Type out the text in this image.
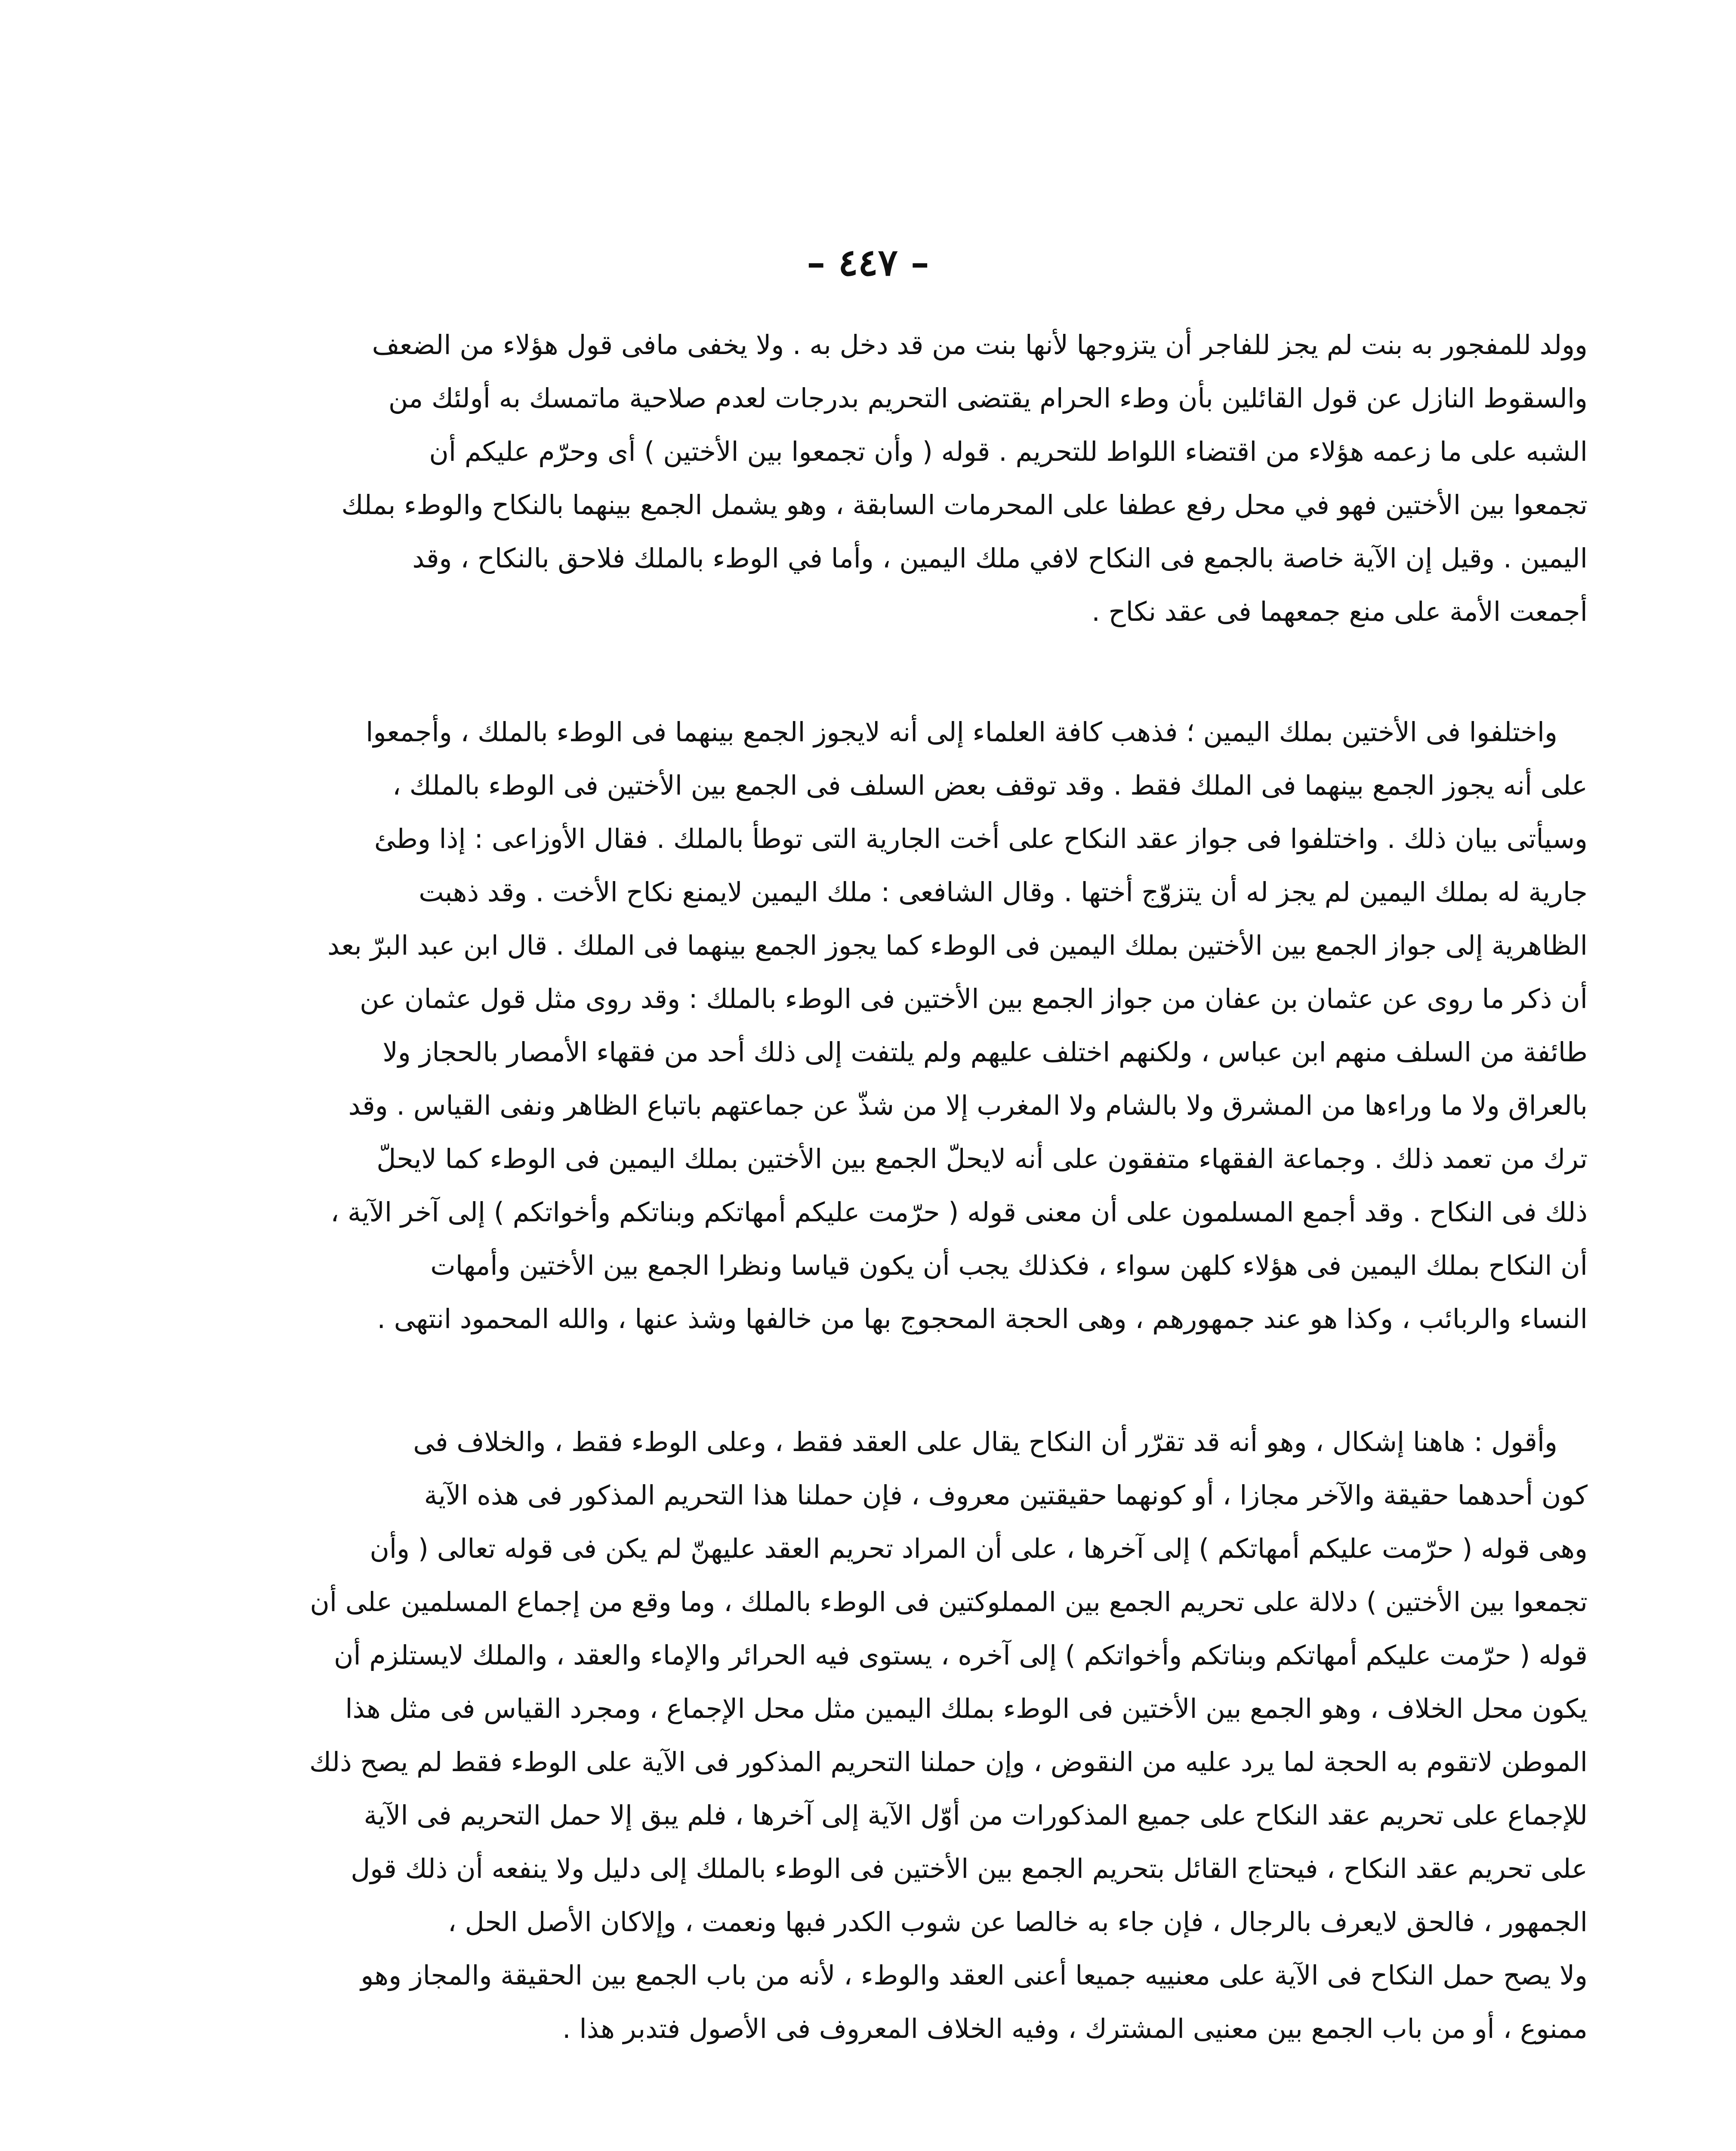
– ٤٤٧ –

وولد للمفجور به بنت لم يجز للفاجر أن يتزوجها لأنها بنت من قد دخل به . ولا يخفى مافى قول هؤلاء من الضعف

والسقوط النازل عن قول القائلين بأن وطء الحرام يقتضى التحريم بدرجات لعدم صلاحية ماتمسك به أولئك من

الشبه على ما زعمه هؤلاء من اقتضاء اللواط للتحريم . قوله ( وأن تجمعوا بين الأختين ) أى وحرّم عليكم أن

تجمعوا بين الأختين فهو في محل رفع عطفا على المحرمات السابقة ، وهو يشمل الجمع بينهما بالنكاح والوطء بملك

اليمين . وقيل إن الآية خاصة بالجمع فى النكاح لافي ملك اليمين ، وأما في الوطء بالملك فلاحق بالنكاح ، وقد

أجمعت الأمة على منع جمعهما فى عقد نكاح .

واختلفوا فى الأختين بملك اليمين ؛ فذهب كافة العلماء إلى أنه لايجوز الجمع بينهما فى الوطء بالملك ، وأجمعوا

على أنه يجوز الجمع بينهما فى الملك فقط . وقد توقف بعض السلف فى الجمع بين الأختين فى الوطء بالملك ،

وسيأتى بيان ذلك . واختلفوا فى جواز عقد النكاح على أخت الجارية التى توطأ بالملك . فقال الأوزاعى : إذا وطئ

جارية له بملك اليمين لم يجز له أن يتزوّج أختها . وقال الشافعى : ملك اليمين لايمنع نكاح الأخت . وقد ذهبت

الظاهرية إلى جواز الجمع بين الأختين بملك اليمين فى الوطء كما يجوز الجمع بينهما فى الملك . قال ابن عبد البرّ بعد

أن ذكر ما روى عن عثمان بن عفان من جواز الجمع بين الأختين فى الوطء بالملك : وقد روى مثل قول عثمان عن

طائفة من السلف منهم ابن عباس ، ولكنهم اختلف عليهم ولم يلتفت إلى ذلك أحد من فقهاء الأمصار بالحجاز ولا

بالعراق ولا ما وراءها من المشرق ولا بالشام ولا المغرب إلا من شذّ عن جماعتهم باتباع الظاهر ونفى القياس . وقد

ترك من تعمد ذلك . وجماعة الفقهاء متفقون على أنه لايحلّ الجمع بين الأختين بملك اليمين فى الوطء كما لايحلّ

ذلك فى النكاح . وقد أجمع المسلمون على أن معنى قوله ( حرّمت عليكم أمهاتكم وبناتكم وأخواتكم ) إلى آخر الآية ،

أن النكاح بملك اليمين فى هؤلاء كلهن سواء ، فكذلك يجب أن يكون قياسا ونظرا الجمع بين الأختين وأمهات

النساء والربائب ، وكذا هو عند جمهورهم ، وهى الحجة المحجوج بها من خالفها وشذ عنها ، والله المحمود انتهى .

وأقول : هاهنا إشكال ، وهو أنه قد تقرّر أن النكاح يقال على العقد فقط ، وعلى الوطء فقط ، والخلاف فى

كون أحدهما حقيقة والآخر مجازا ، أو كونهما حقيقتين معروف ، فإن حملنا هذا التحريم المذكور فى هذه الآية

وهى قوله ( حرّمت عليكم أمهاتكم ) إلى آخرها ، على أن المراد تحريم العقد عليهنّ لم يكن فى قوله تعالى ( وأن

تجمعوا بين الأختين ) دلالة على تحريم الجمع بين المملوكتين فى الوطء بالملك ، وما وقع من إجماع المسلمين على أن

قوله ( حرّمت عليكم أمهاتكم وبناتكم وأخواتكم ) إلى آخره ، يستوى فيه الحرائر والإماء والعقد ، والملك لايستلزم أن

يكون محل الخلاف ، وهو الجمع بين الأختين فى الوطء بملك اليمين مثل محل الإجماع ، ومجرد القياس فى مثل هذا

الموطن لاتقوم به الحجة لما يرد عليه من النقوض ، وإن حملنا التحريم المذكور فى الآية على الوطء فقط لم يصح ذلك

للإجماع على تحريم عقد النكاح على جميع المذكورات من أوّل الآية إلى آخرها ، فلم يبق إلا حمل التحريم فى الآية

على تحريم عقد النكاح ، فيحتاج القائل بتحريم الجمع بين الأختين فى الوطء بالملك إلى دليل ولا ينفعه أن ذلك قول

الجمهور ، فالحق لايعرف بالرجال ، فإن جاء به خالصا عن شوب الكدر فبها ونعمت ، وإلاكان الأصل الحل ،

ولا يصح حمل النكاح فى الآية على معنييه جميعا أعنى العقد والوطء ، لأنه من باب الجمع بين الحقيقة والمجاز وهو

ممنوع ، أو من باب الجمع بين معنيى المشترك ، وفيه الخلاف المعروف فى الأصول فتدبر هذا .
